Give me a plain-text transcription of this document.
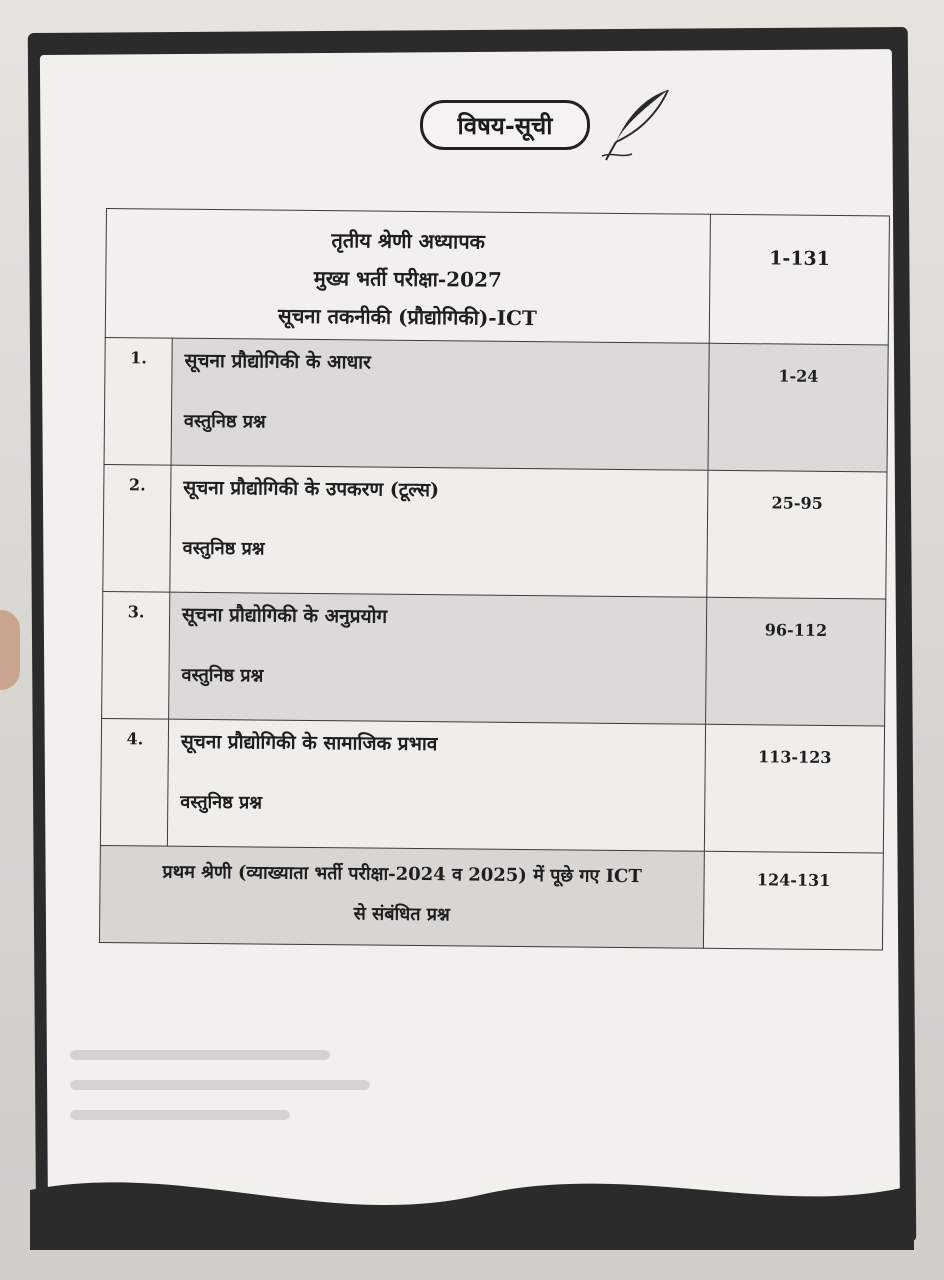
विषय-सूची
तृतीय श्रेणी अध्यापक
मुख्य भर्ती परीक्षा-2027
सूचना तकनीकी (प्रौद्योगिकी)-ICT		1-131
1.	सूचना प्रौद्योगिकी के आधार
वस्तुनिष्ठ प्रश्न	1-24
2.	सूचना प्रौद्योगिकी के उपकरण (टूल्स)
वस्तुनिष्ठ प्रश्न	25-95
3.	सूचना प्रौद्योगिकी के अनुप्रयोग
वस्तुनिष्ठ प्रश्न	96-112
4.	सूचना प्रौद्योगिकी के सामाजिक प्रभाव
वस्तुनिष्ठ प्रश्न	113-123

प्रथम श्रेणी (व्याख्याता भर्ती परीक्षा-2024 व 2025) में पूछे गए ICT
से संबंधित प्रश्न		124-131
